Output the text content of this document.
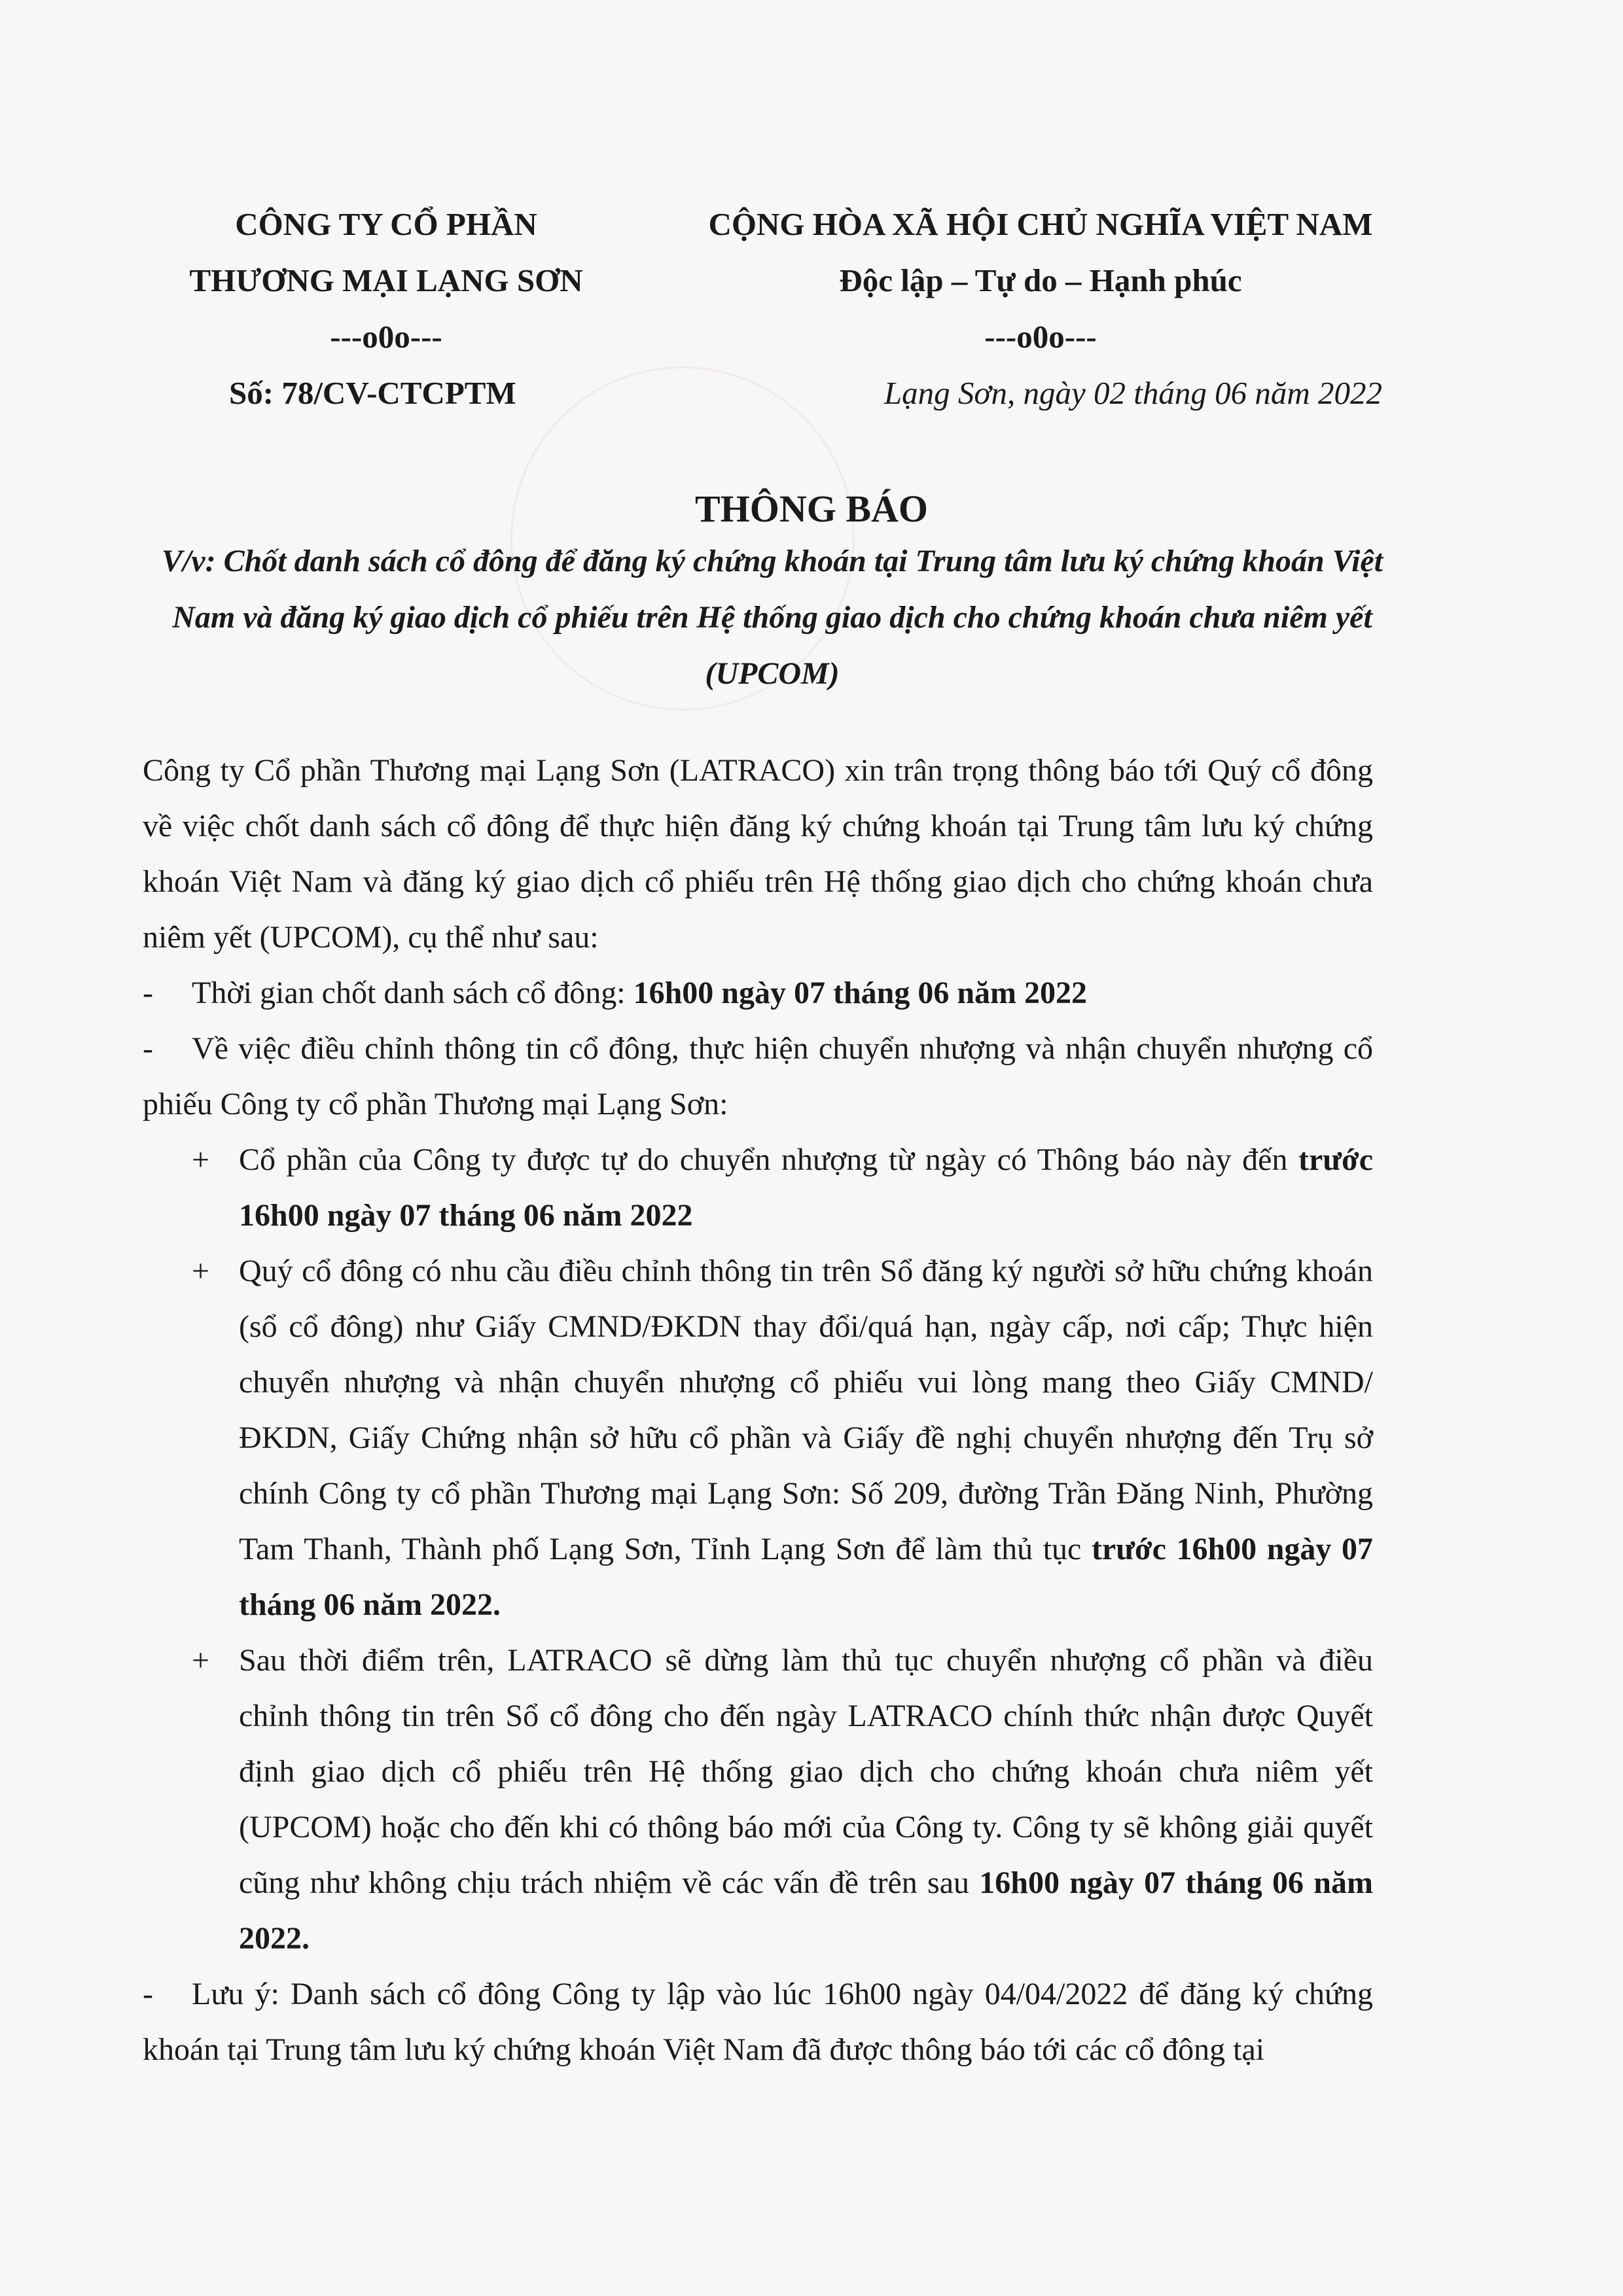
CÔNG TY CỔ PHẦN
THƯƠNG MẠI LẠNG SƠN
---o0o---
Số: 78/CV-CTCPTM
CỘNG HÒA XÃ HỘI CHỦ NGHĨA VIỆT NAM
Độc lập – Tự do – Hạnh phúc
---o0o---
Lạng Sơn, ngày 02 tháng 06 năm 2022
THÔNG BÁO
V/v: Chốt danh sách cổ đông để đăng ký chứng khoán tại Trung tâm lưu ký chứng khoán Việt Nam và đăng ký giao dịch cổ phiếu trên Hệ thống giao dịch cho chứng khoán chưa niêm yết (UPCOM)

Công ty Cổ phần Thương mại Lạng Sơn (LATRACO) xin trân trọng thông báo tới Quý cổ đông về việc chốt danh sách cổ đông để thực hiện đăng ký chứng khoán tại Trung tâm lưu ký chứng khoán Việt Nam và đăng ký giao dịch cổ phiếu trên Hệ thống giao dịch cho chứng khoán chưa niêm yết (UPCOM), cụ thể như sau:

- Thời gian chốt danh sách cổ đông: 16h00 ngày 07 tháng 06 năm 2022

- Về việc điều chỉnh thông tin cổ đông, thực hiện chuyển nhượng và nhận chuyển nhượng cổ phiếu Công ty cổ phần Thương mại Lạng Sơn:

+ Cổ phần của Công ty được tự do chuyển nhượng từ ngày có Thông báo này đến trước 16h00 ngày 07 tháng 06 năm 2022

+ Quý cổ đông có nhu cầu điều chỉnh thông tin trên Sổ đăng ký người sở hữu chứng khoán (sổ cổ đông) như Giấy CMND/ĐKDN thay đổi/quá hạn, ngày cấp, nơi cấp; Thực hiện chuyển nhượng và nhận chuyển nhượng cổ phiếu vui lòng mang theo Giấy CMND/ĐKDN, Giấy Chứng nhận sở hữu cổ phần và Giấy đề nghị chuyển nhượng đến Trụ sở chính Công ty cổ phần Thương mại Lạng Sơn: Số 209, đường Trần Đăng Ninh, Phường Tam Thanh, Thành phố Lạng Sơn, Tỉnh Lạng Sơn để làm thủ tục trước 16h00 ngày 07 tháng 06 năm 2022.

+ Sau thời điểm trên, LATRACO sẽ dừng làm thủ tục chuyển nhượng cổ phần và điều chỉnh thông tin trên Sổ cổ đông cho đến ngày LATRACO chính thức nhận được Quyết định giao dịch cổ phiếu trên Hệ thống giao dịch cho chứng khoán chưa niêm yết (UPCOM) hoặc cho đến khi có thông báo mới của Công ty. Công ty sẽ không giải quyết cũng như không chịu trách nhiệm về các vấn đề trên sau 16h00 ngày 07 tháng 06 năm 2022.

- Lưu ý: Danh sách cổ đông Công ty lập vào lúc 16h00 ngày 04/04/2022 để đăng ký chứng khoán tại Trung tâm lưu ký chứng khoán Việt Nam đã được thông báo tới các cổ đông tại
